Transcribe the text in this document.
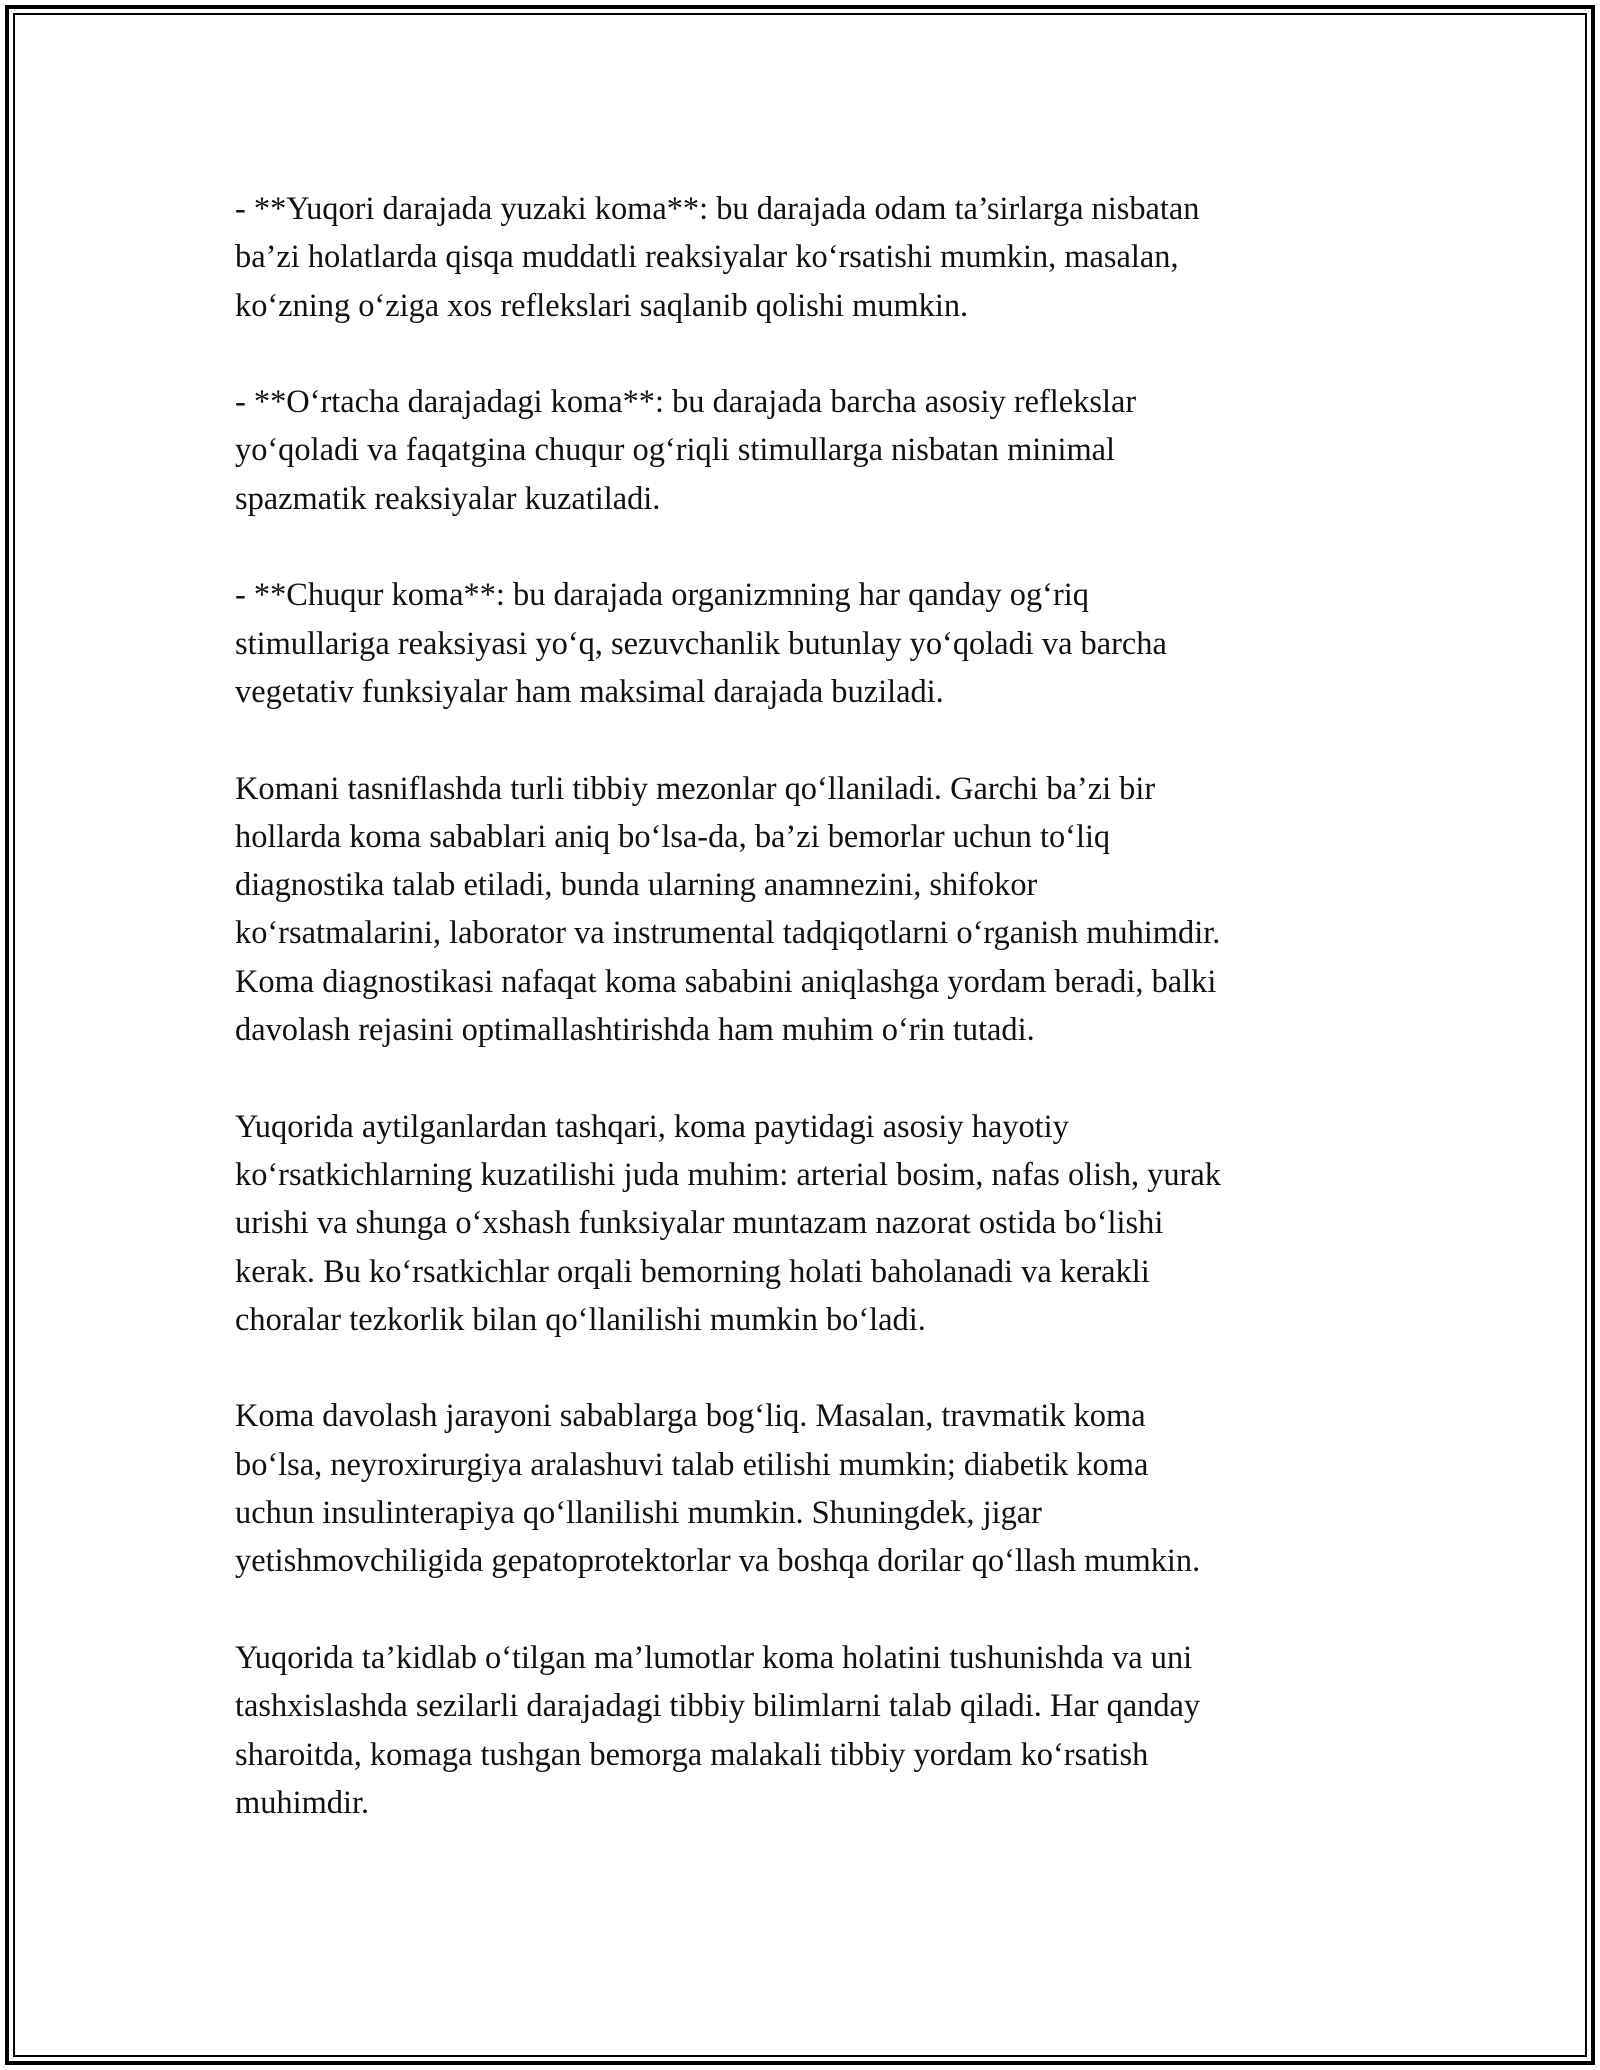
- **Yuqori darajada yuzaki koma**: bu darajada odam ta’sirlarga nisbatan
ba’zi holatlarda qisqa muddatli reaksiyalar ko‘rsatishi mumkin, masalan,
ko‘zning o‘ziga xos reflekslari saqlanib qolishi mumkin.

- **O‘rtacha darajadagi koma**: bu darajada barcha asosiy reflekslar
yo‘qoladi va faqatgina chuqur og‘riqli stimullarga nisbatan minimal
spazmatik reaksiyalar kuzatiladi.

- **Chuqur koma**: bu darajada organizmning har qanday og‘riq
stimullariga reaksiyasi yo‘q, sezuvchanlik butunlay yo‘qoladi va barcha
vegetativ funksiyalar ham maksimal darajada buziladi.

Komani tasniflashda turli tibbiy mezonlar qo‘llaniladi. Garchi ba’zi bir
hollarda koma sabablari aniq bo‘lsa-da, ba’zi bemorlar uchun to‘liq
diagnostika talab etiladi, bunda ularning anamnezini, shifokor
ko‘rsatmalarini, laborator va instrumental tadqiqotlarni o‘rganish muhimdir.
Koma diagnostikasi nafaqat koma sababini aniqlashga yordam beradi, balki
davolash rejasini optimallashtirishda ham muhim o‘rin tutadi.

Yuqorida aytilganlardan tashqari, koma paytidagi asosiy hayotiy
ko‘rsatkichlarning kuzatilishi juda muhim: arterial bosim, nafas olish, yurak
urishi va shunga o‘xshash funksiyalar muntazam nazorat ostida bo‘lishi
kerak. Bu ko‘rsatkichlar orqali bemorning holati baholanadi va kerakli
choralar tezkorlik bilan qo‘llanilishi mumkin bo‘ladi.

Koma davolash jarayoni sabablarga bog‘liq. Masalan, travmatik koma
bo‘lsa, neyroxirurgiya aralashuvi talab etilishi mumkin; diabetik koma
uchun insulinterapiya qo‘llanilishi mumkin. Shuningdek, jigar
yetishmovchiligida gepatoprotektorlar va boshqa dorilar qo‘llash mumkin.

Yuqorida ta’kidlab o‘tilgan ma’lumotlar koma holatini tushunishda va uni
tashxislashda sezilarli darajadagi tibbiy bilimlarni talab qiladi. Har qanday
sharoitda, komaga tushgan bemorga malakali tibbiy yordam ko‘rsatish
muhimdir.
